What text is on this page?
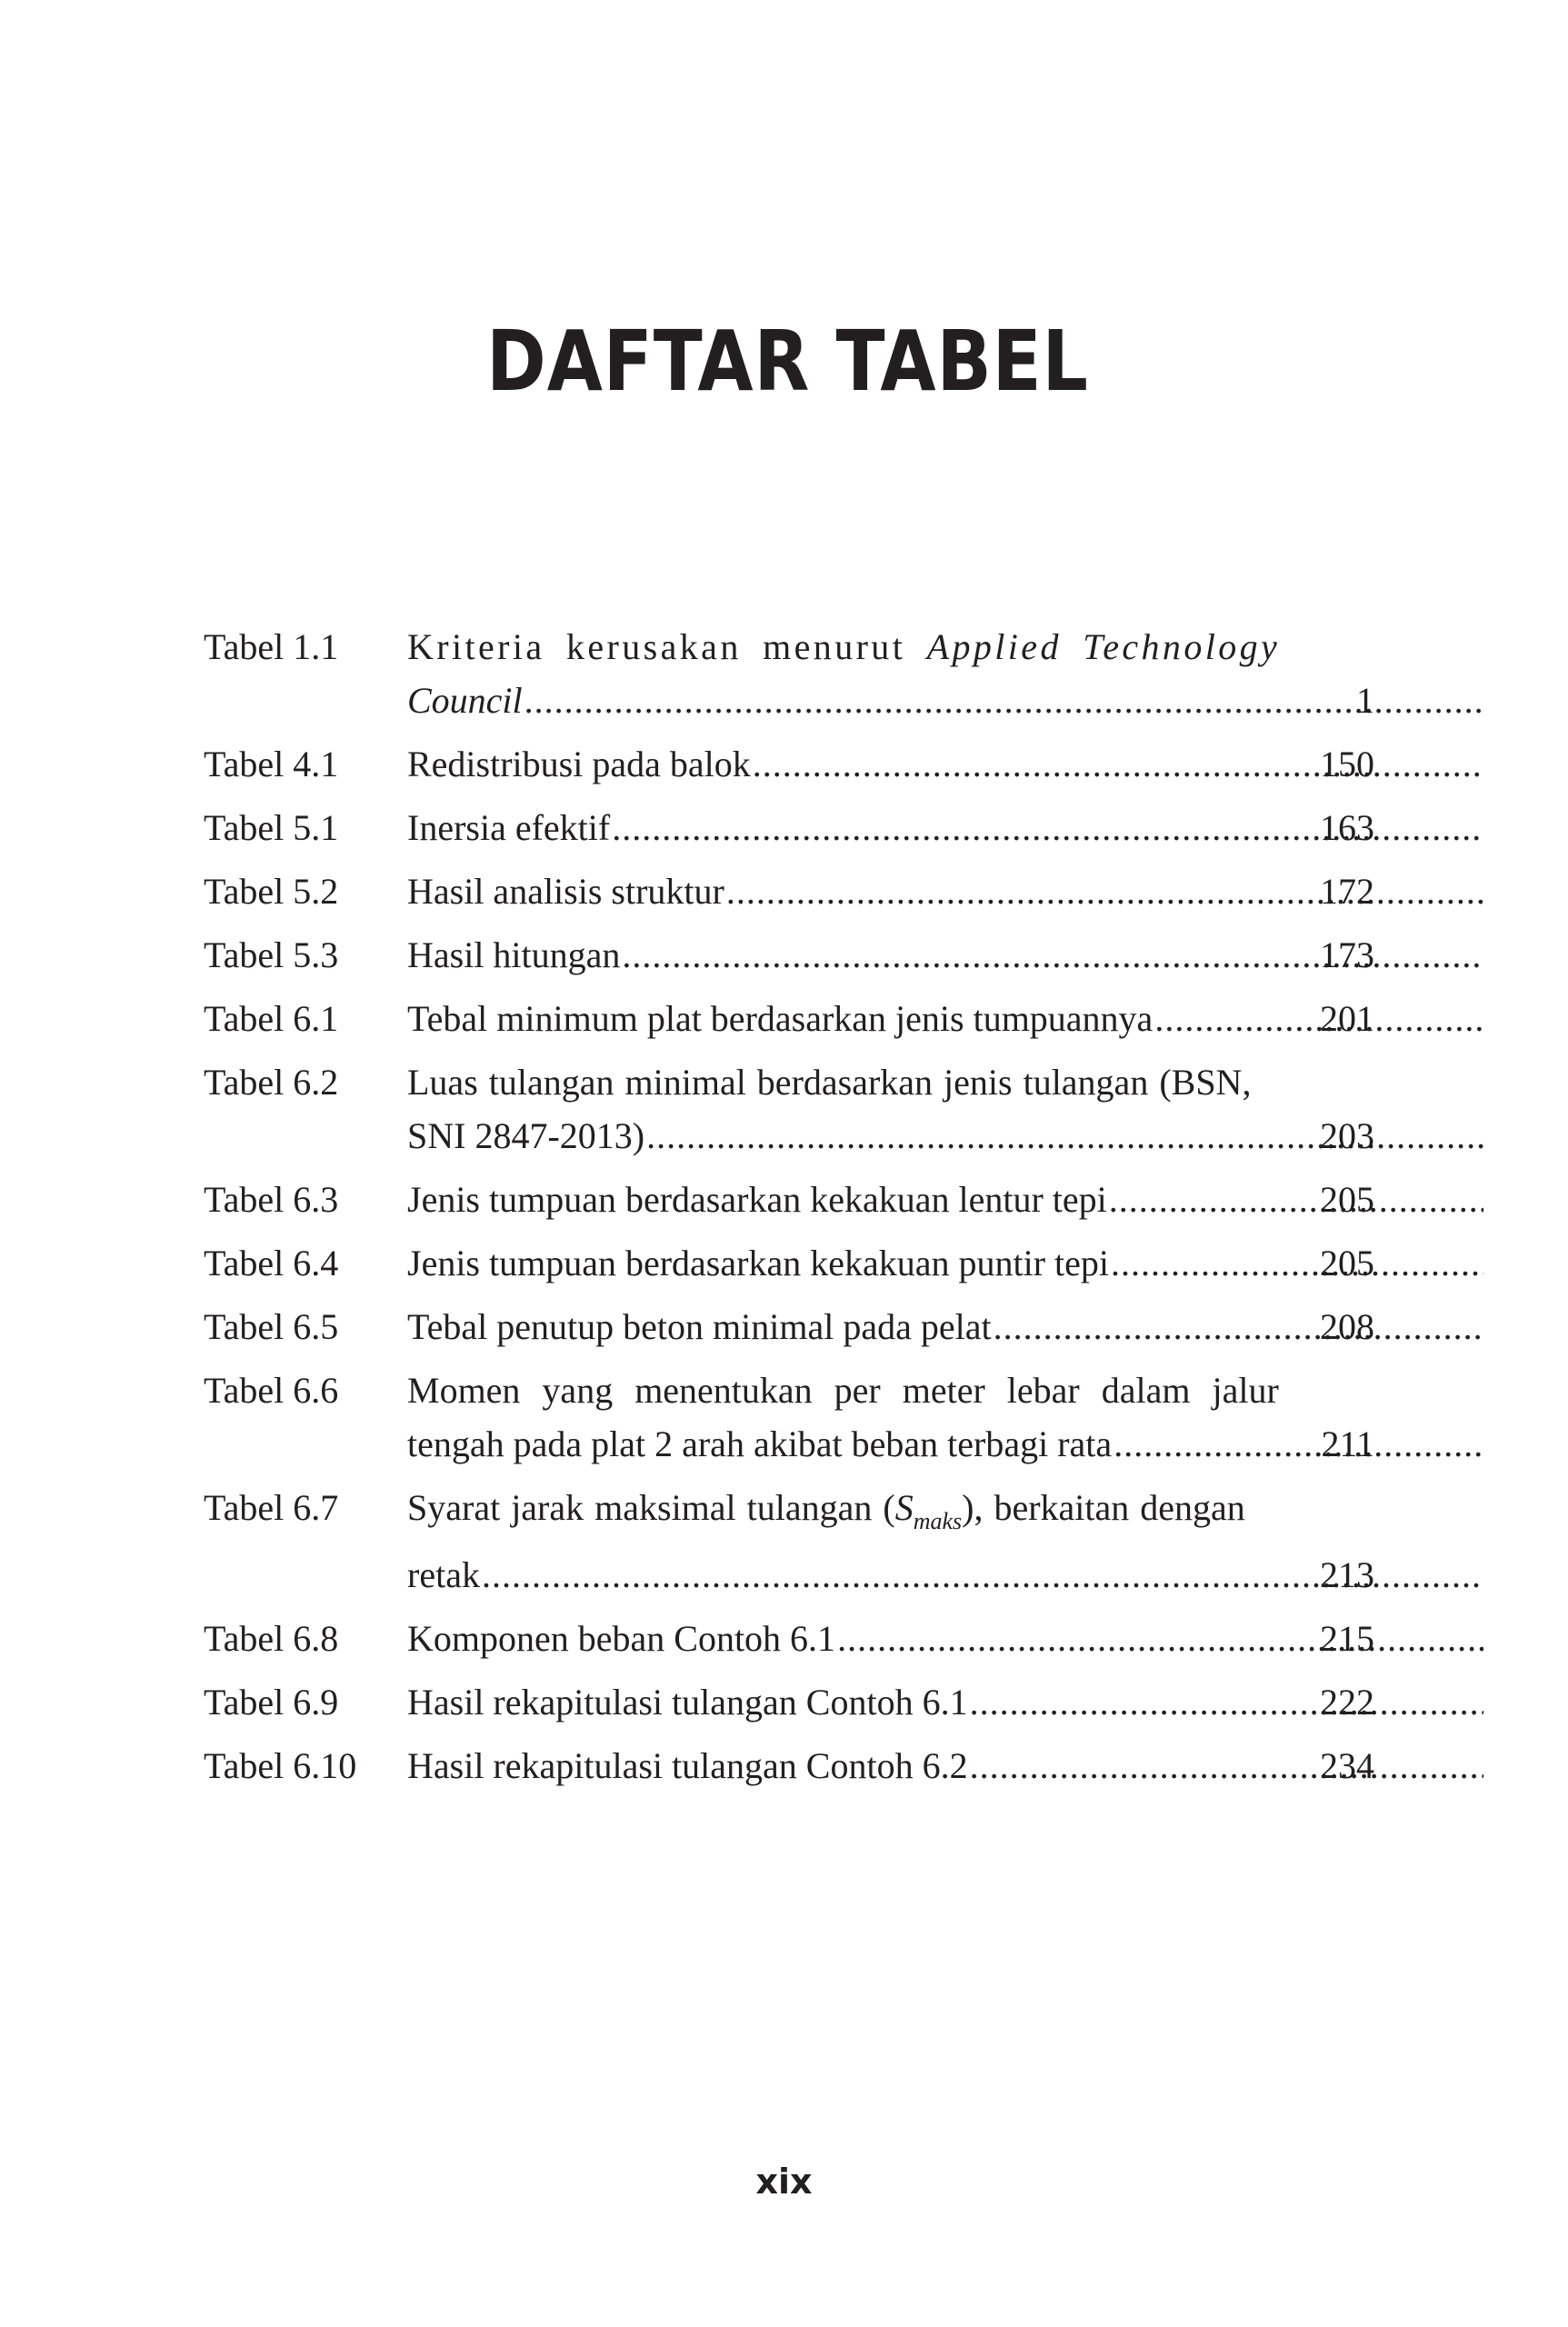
DAFTAR TABEL
Tabel 1.1 Kriteria kerusakan menurut Applied Technology
Council .....	1
Tabel 4.1 Redistribusi pada balok .....	150
Tabel 5.1 Inersia efektif .....	163
Tabel 5.2 Hasil analisis struktur .....	172
Tabel 5.3 Hasil hitungan .....	173
Tabel 6.1 Tebal minimum plat berdasarkan jenis tumpuannya .....	201
Tabel 6.2 Luas tulangan minimal berdasarkan jenis tulangan (BSN,
SNI 2847-2013) .....	203
Tabel 6.3 Jenis tumpuan berdasarkan kekakuan lentur tepi .....	205
Tabel 6.4 Jenis tumpuan berdasarkan kekakuan puntir tepi .....	205
Tabel 6.5 Tebal penutup beton minimal pada pelat .....	208
Tabel 6.6 Momen yang menentukan per meter lebar dalam jalur
tengah pada plat 2 arah akibat beban terbagi rata .....	211
Tabel 6.7 Syarat jarak maksimal tulangan $(S_{maks})$, berkaitan dengan
retak .....	213
Tabel 6.8 Komponen beban Contoh 6.1 .....	215
Tabel 6.9 Hasil rekapitulasi tulangan Contoh 6.1 .....	222
Tabel 6.10 Hasil rekapitulasi tulangan Contoh 6.2 .....	234
xix
